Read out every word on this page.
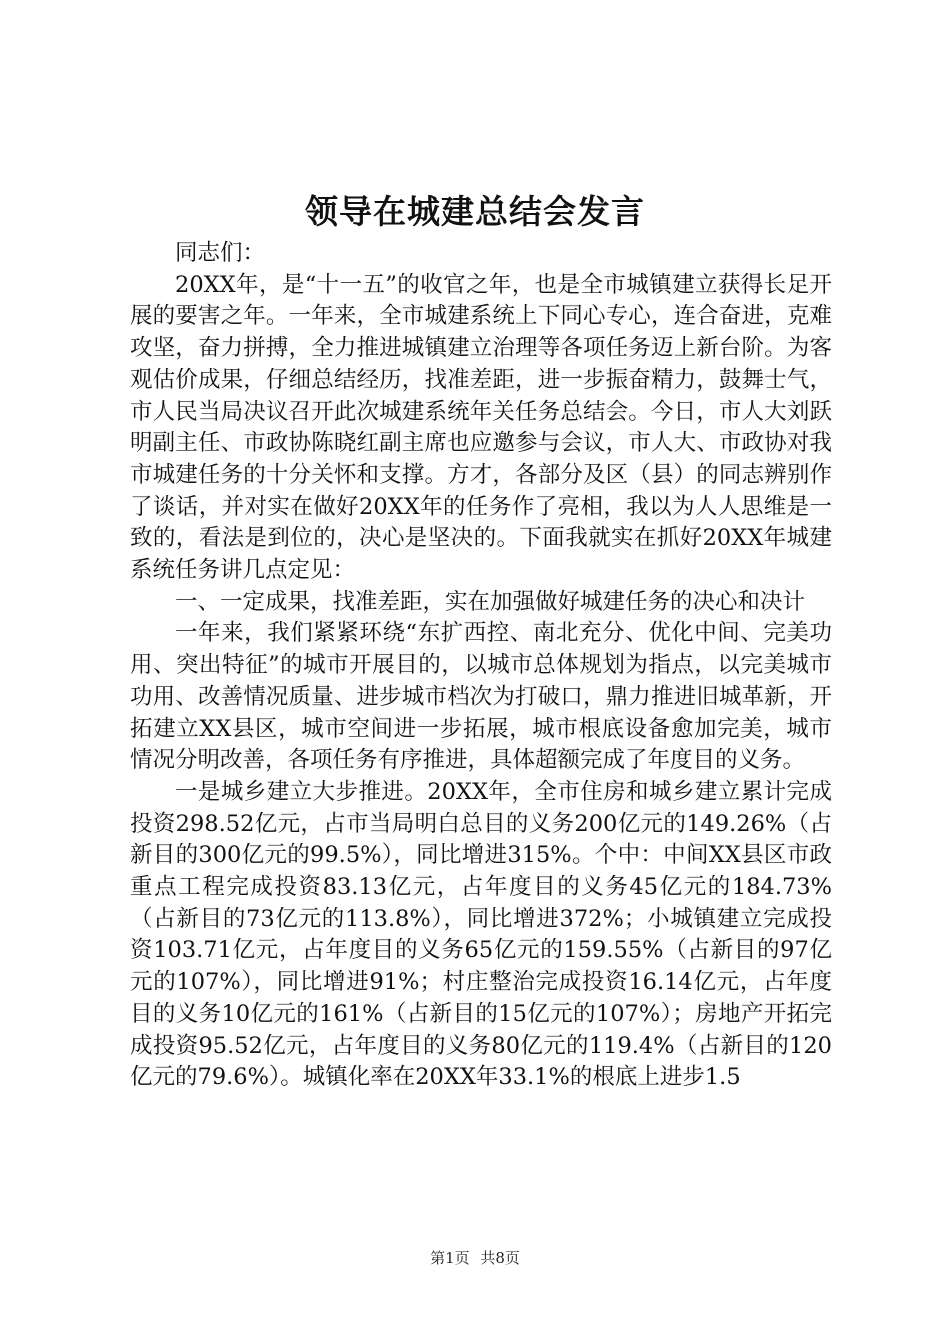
领导在城建总结会发言

同志们：

20XX年，是“十一五”的收官之年，也是全市城镇建立获得长足开展的要害之年。一年来，全市城建系统上下同心专心，连合奋进，克难攻坚，奋力拼搏，全力推进城镇建立治理等各项任务迈上新台阶。为客观估价成果，仔细总结经历，找准差距，进一步振奋精力，鼓舞士气，市人民当局决议召开此次城建系统年关任务总结会。今日，市人大刘跃明副主任、市政协陈晓红副主席也应邀参与会议，市人大、市政协对我市城建任务的十分关怀和支撑。方才，各部分及区（县）的同志辨别作了谈话，并对实在做好20XX年的任务作了亮相，我以为人人思维是一致的，看法是到位的，决心是坚决的。下面我就实在抓好20XX年城建系统任务讲几点定见：

一、一定成果，找准差距，实在加强做好城建任务的决心和决计

一年来，我们紧紧环绕“东扩西控、南北充分、优化中间、完美功用、突出特征”的城市开展目的，以城市总体规划为指点，以完美城市功用、改善情况质量、进步城市档次为打破口，鼎力推进旧城革新，开拓建立XX县区，城市空间进一步拓展，城市根底设备愈加完美，城市情况分明改善，各项任务有序推进，具体超额完成了年度目的义务。

一是城乡建立大步推进。20XX年，全市住房和城乡建立累计完成投资298.52亿元，占市当局明白总目的义务200亿元的149.26%（占新目的300亿元的99.5%），同比增进315%。个中：中间XX县区市政重点工程完成投资83.13亿元，占年度目的义务45亿元的184.73%（占新目的73亿元的113.8%），同比增进372%；小城镇建立完成投资103.71亿元，占年度目的义务65亿元的159.55%（占新目的97亿元的107%），同比增进91%；村庄整治完成投资16.14亿元，占年度目的义务10亿元的161%（占新目的15亿元的107%）；房地产开拓完成投资95.52亿元，占年度目的义务80亿元的119.4%（占新目的120亿元的79.6%）。城镇化率在20XX年33.1%的根底上进步1.5

第1页 共8页
